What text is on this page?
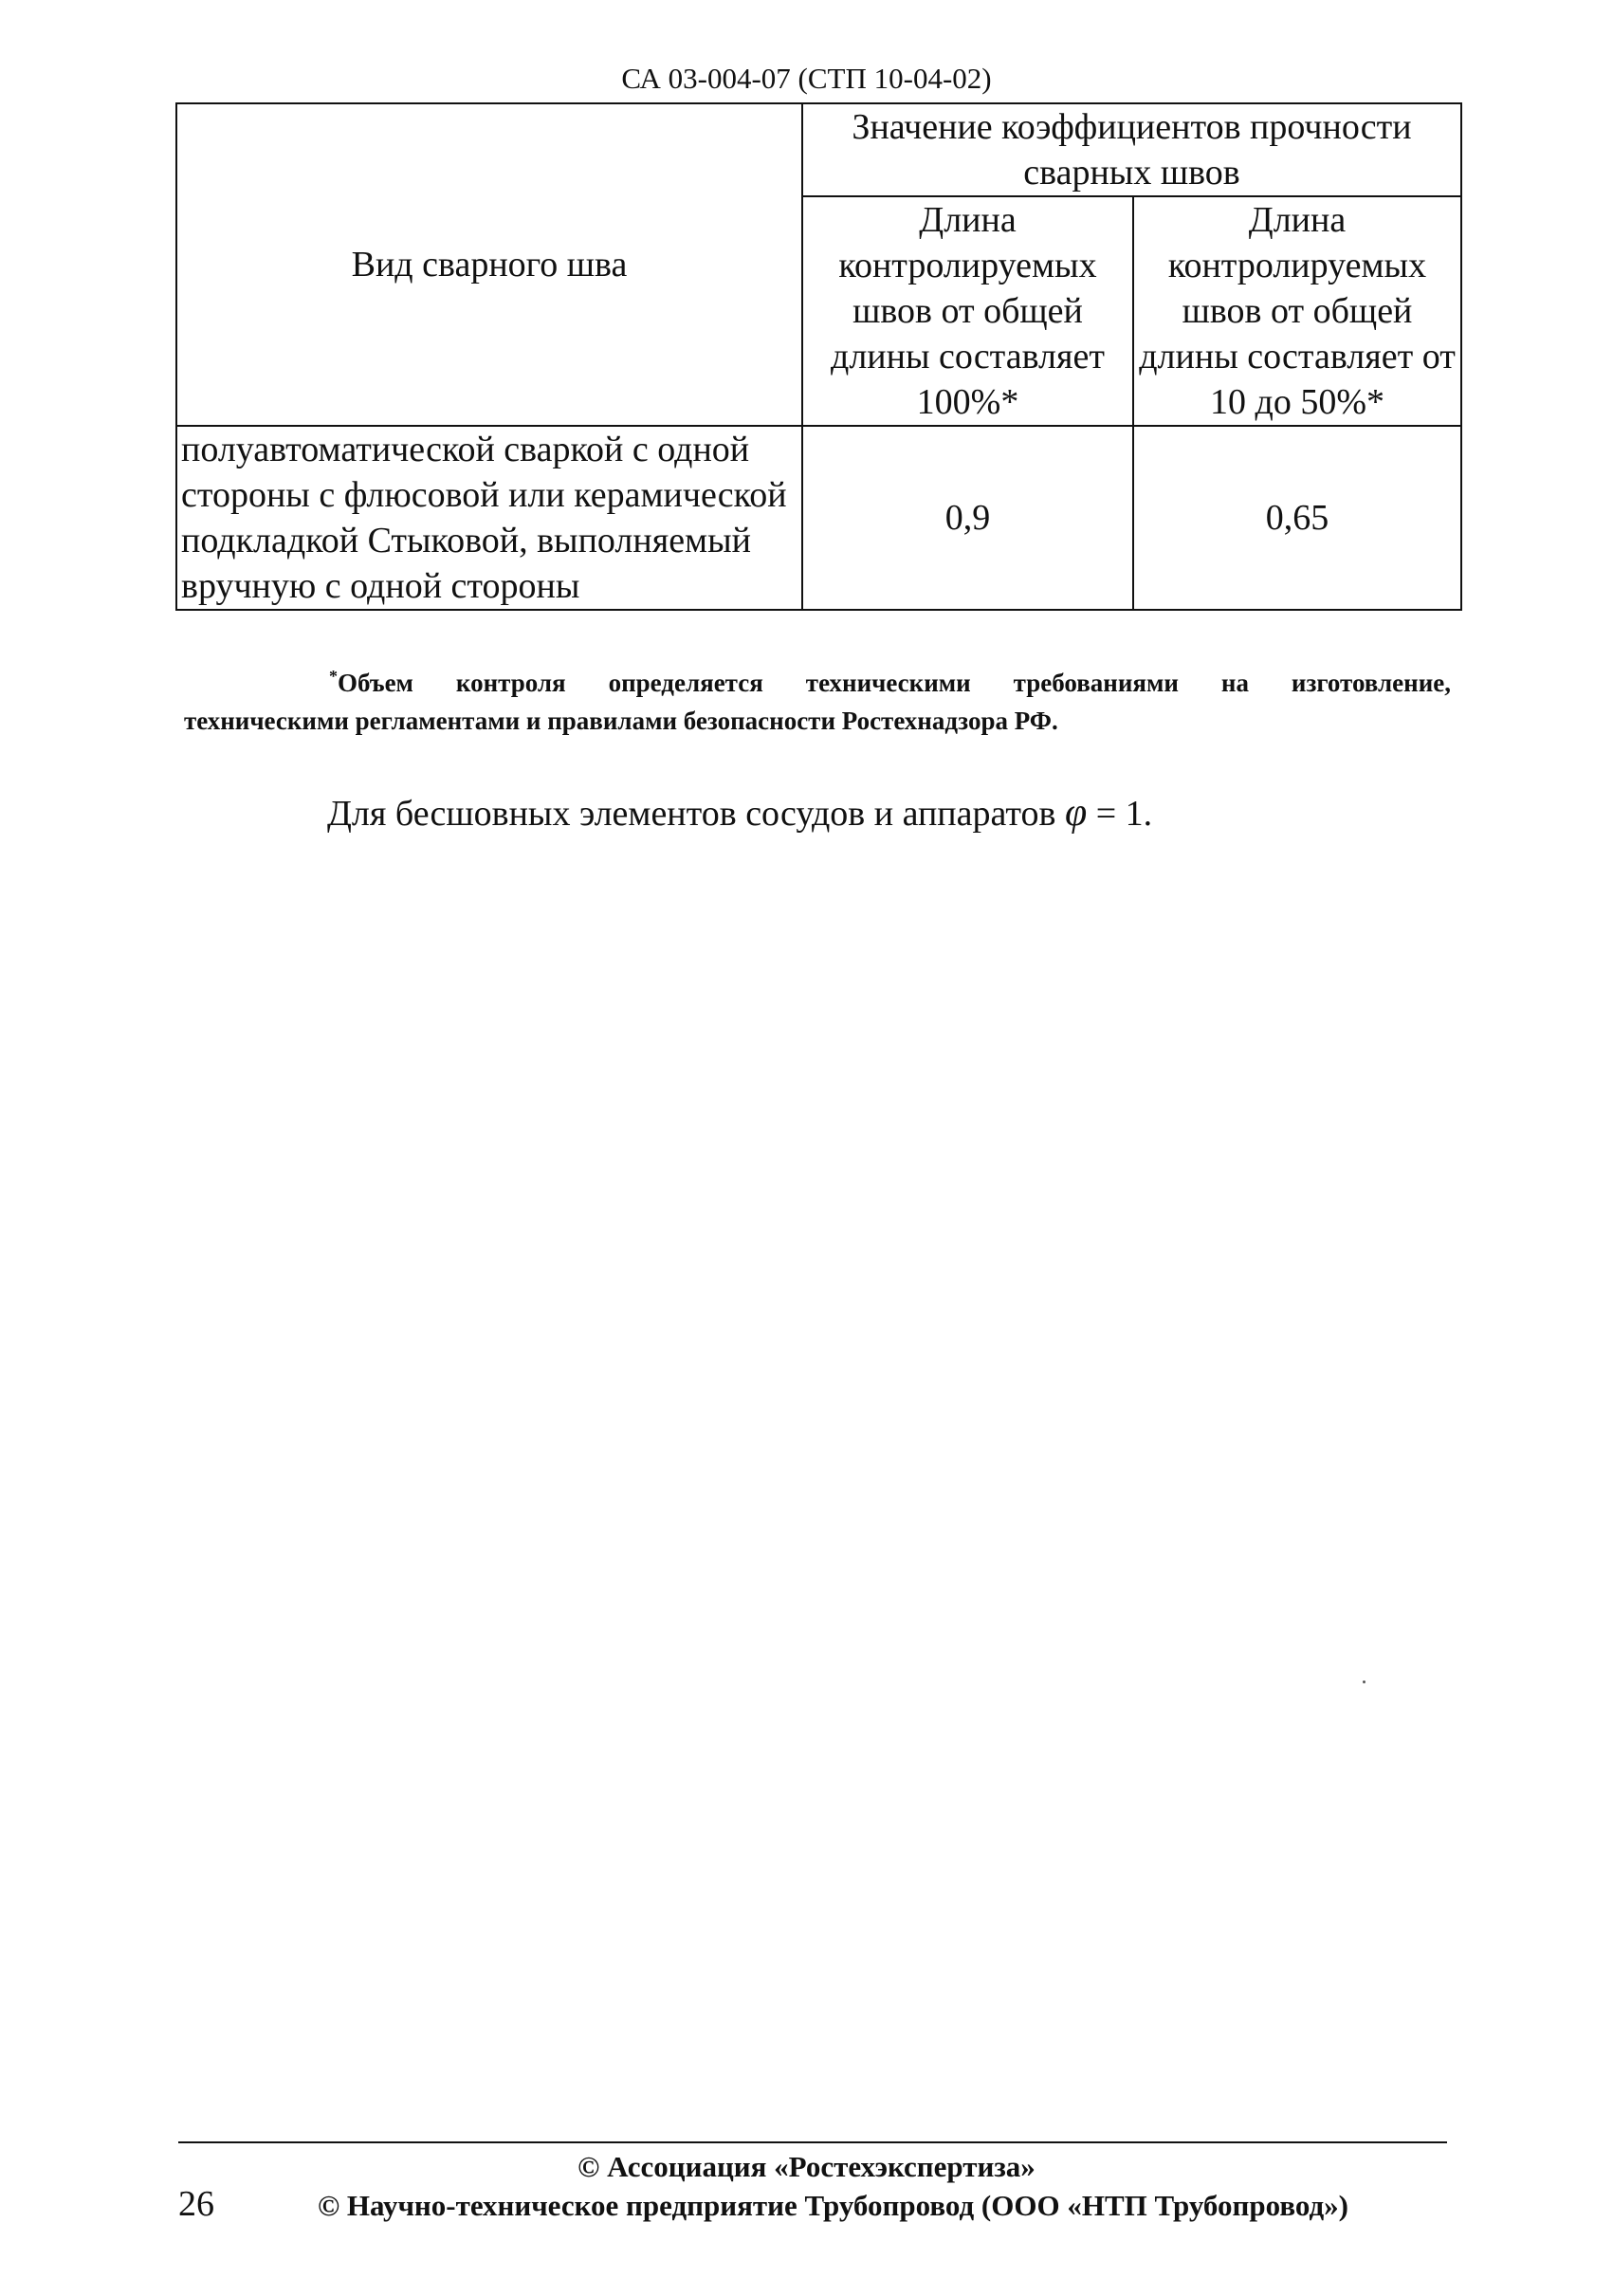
СА 03-004-07 (СТП 10-04-02)
Вид сварного шва	Значение коэффициентов прочности сварных швов	
	Длина контролируемых швов от общей длины составляет 100%*	Длина контролируемых швов от общей длины составляет от 10 до 50%*
полуавтоматической сваркой с одной стороны с флюсовой или керамической подкладкой Стыковой, выполняемый вручную с одной стороны	0,9	0,65
*Объем контроля определяется техническими требованиями на изготовление,
техническими регламентами и правилами безопасности Ростехнадзора РФ.
Для бесшовных элементов сосудов и аппаратов φ = 1.
© Ассоциация «Ростехэкспертиза»
26	© Научно-техническое предприятие Трубопровод (ООО «НТП Трубопровод»)
